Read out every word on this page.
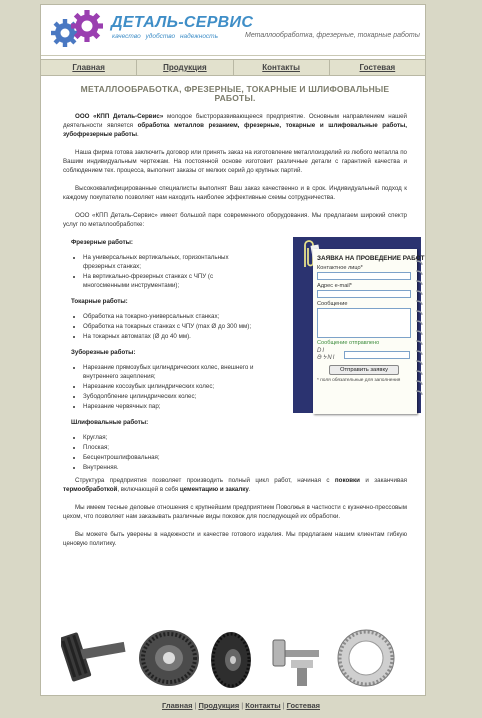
ДЕТАЛЬ-СЕРВИС
качество удобство надежность	Металлообработка, фрезерные, токарные работы
Главная	Продукция	Контакты	Гостевая
МЕТАЛЛООБРАБОТКА, ФРЕЗЕРНЫЕ, ТОКАРНЫЕ И ШЛИФОВАЛЬНЫЕ РАБОТЫ.

ООО «КПП Деталь-Сервис» молодое быстроразвивающееся предприятие. Основным направлением нашей деятельности является обработка металлов резанием, фрезерные, токарные и шлифовальные работы, зубофрезерные работы.

Наша фирма готова заключить договор или принять заказ на изготовление металлоизделий из любого металла по Вашим индивидуальным чертежам. На постоянной основе изготовит различные детали с гарантией качества и соблюдением тех. процесса, выполнит заказы от мелких серий до крупных партий.

Высококвалифицированные специалисты выполнят Ваш заказ качественно и в срок. Индивидуальный подход к каждому покупателю позволяет нам находить наиболее эффективные схемы сотрудничества.

ООО «КПП Деталь-Сервис» имеет большой парк современного оборудования. Мы предлагаем широкий спектр услуг по металлообработке:

Фрезерные работы:
• На универсальных вертикальных, горизонтальных фрезерных станках;
• На вертикально-фрезерных станках с ЧПУ (с многосменными инструментами);
Токарные работы:
• Обработка на токарно-универсальных станках;
• Обработка на токарных станках с ЧПУ (max Ø до 300 мм);
• На токарных автоматах (Ø до 40 мм).
Зуборезные работы:
• Нарезание прямозубых цилиндрических колес, внешнего и внутреннего зацепления;
• Нарезание косозубых цилиндрических колес;
• Зубодолбление цилиндрических колес;
• Нарезание червячных пар;
Шлифовальные работы:
• Круглая;
• Плоская;
• Бесцентрошлифовальная;
• Внутренняя.

Структура предприятия позволяет производить полный цикл работ, начиная с поковки и заканчивая термообработкой, включающей в себя цементацию и закалку.

Мы имеем тесные деловые отношения с крупнейшим предприятием Поволжья в частности с кузнечно-прессовым цехом, что позволяет нам заказывать различные виды поковок для последующей их обработки.

Вы можете быть уверены в надежности и качестве готового изделия. Мы предлагаем нашим клиентам гибкую ценовую политику.

ЗАЯВКА НА ПРОВЕДЕНИЕ РАБОТ
Контактное лицо*
Адрес e-mail*
Сообщение
Сообщение отправлено
DI ƏᔭNI
Отправить заявку
* поля обязательные для заполнения
Главная | Продукция | Контакты | Гостевая
